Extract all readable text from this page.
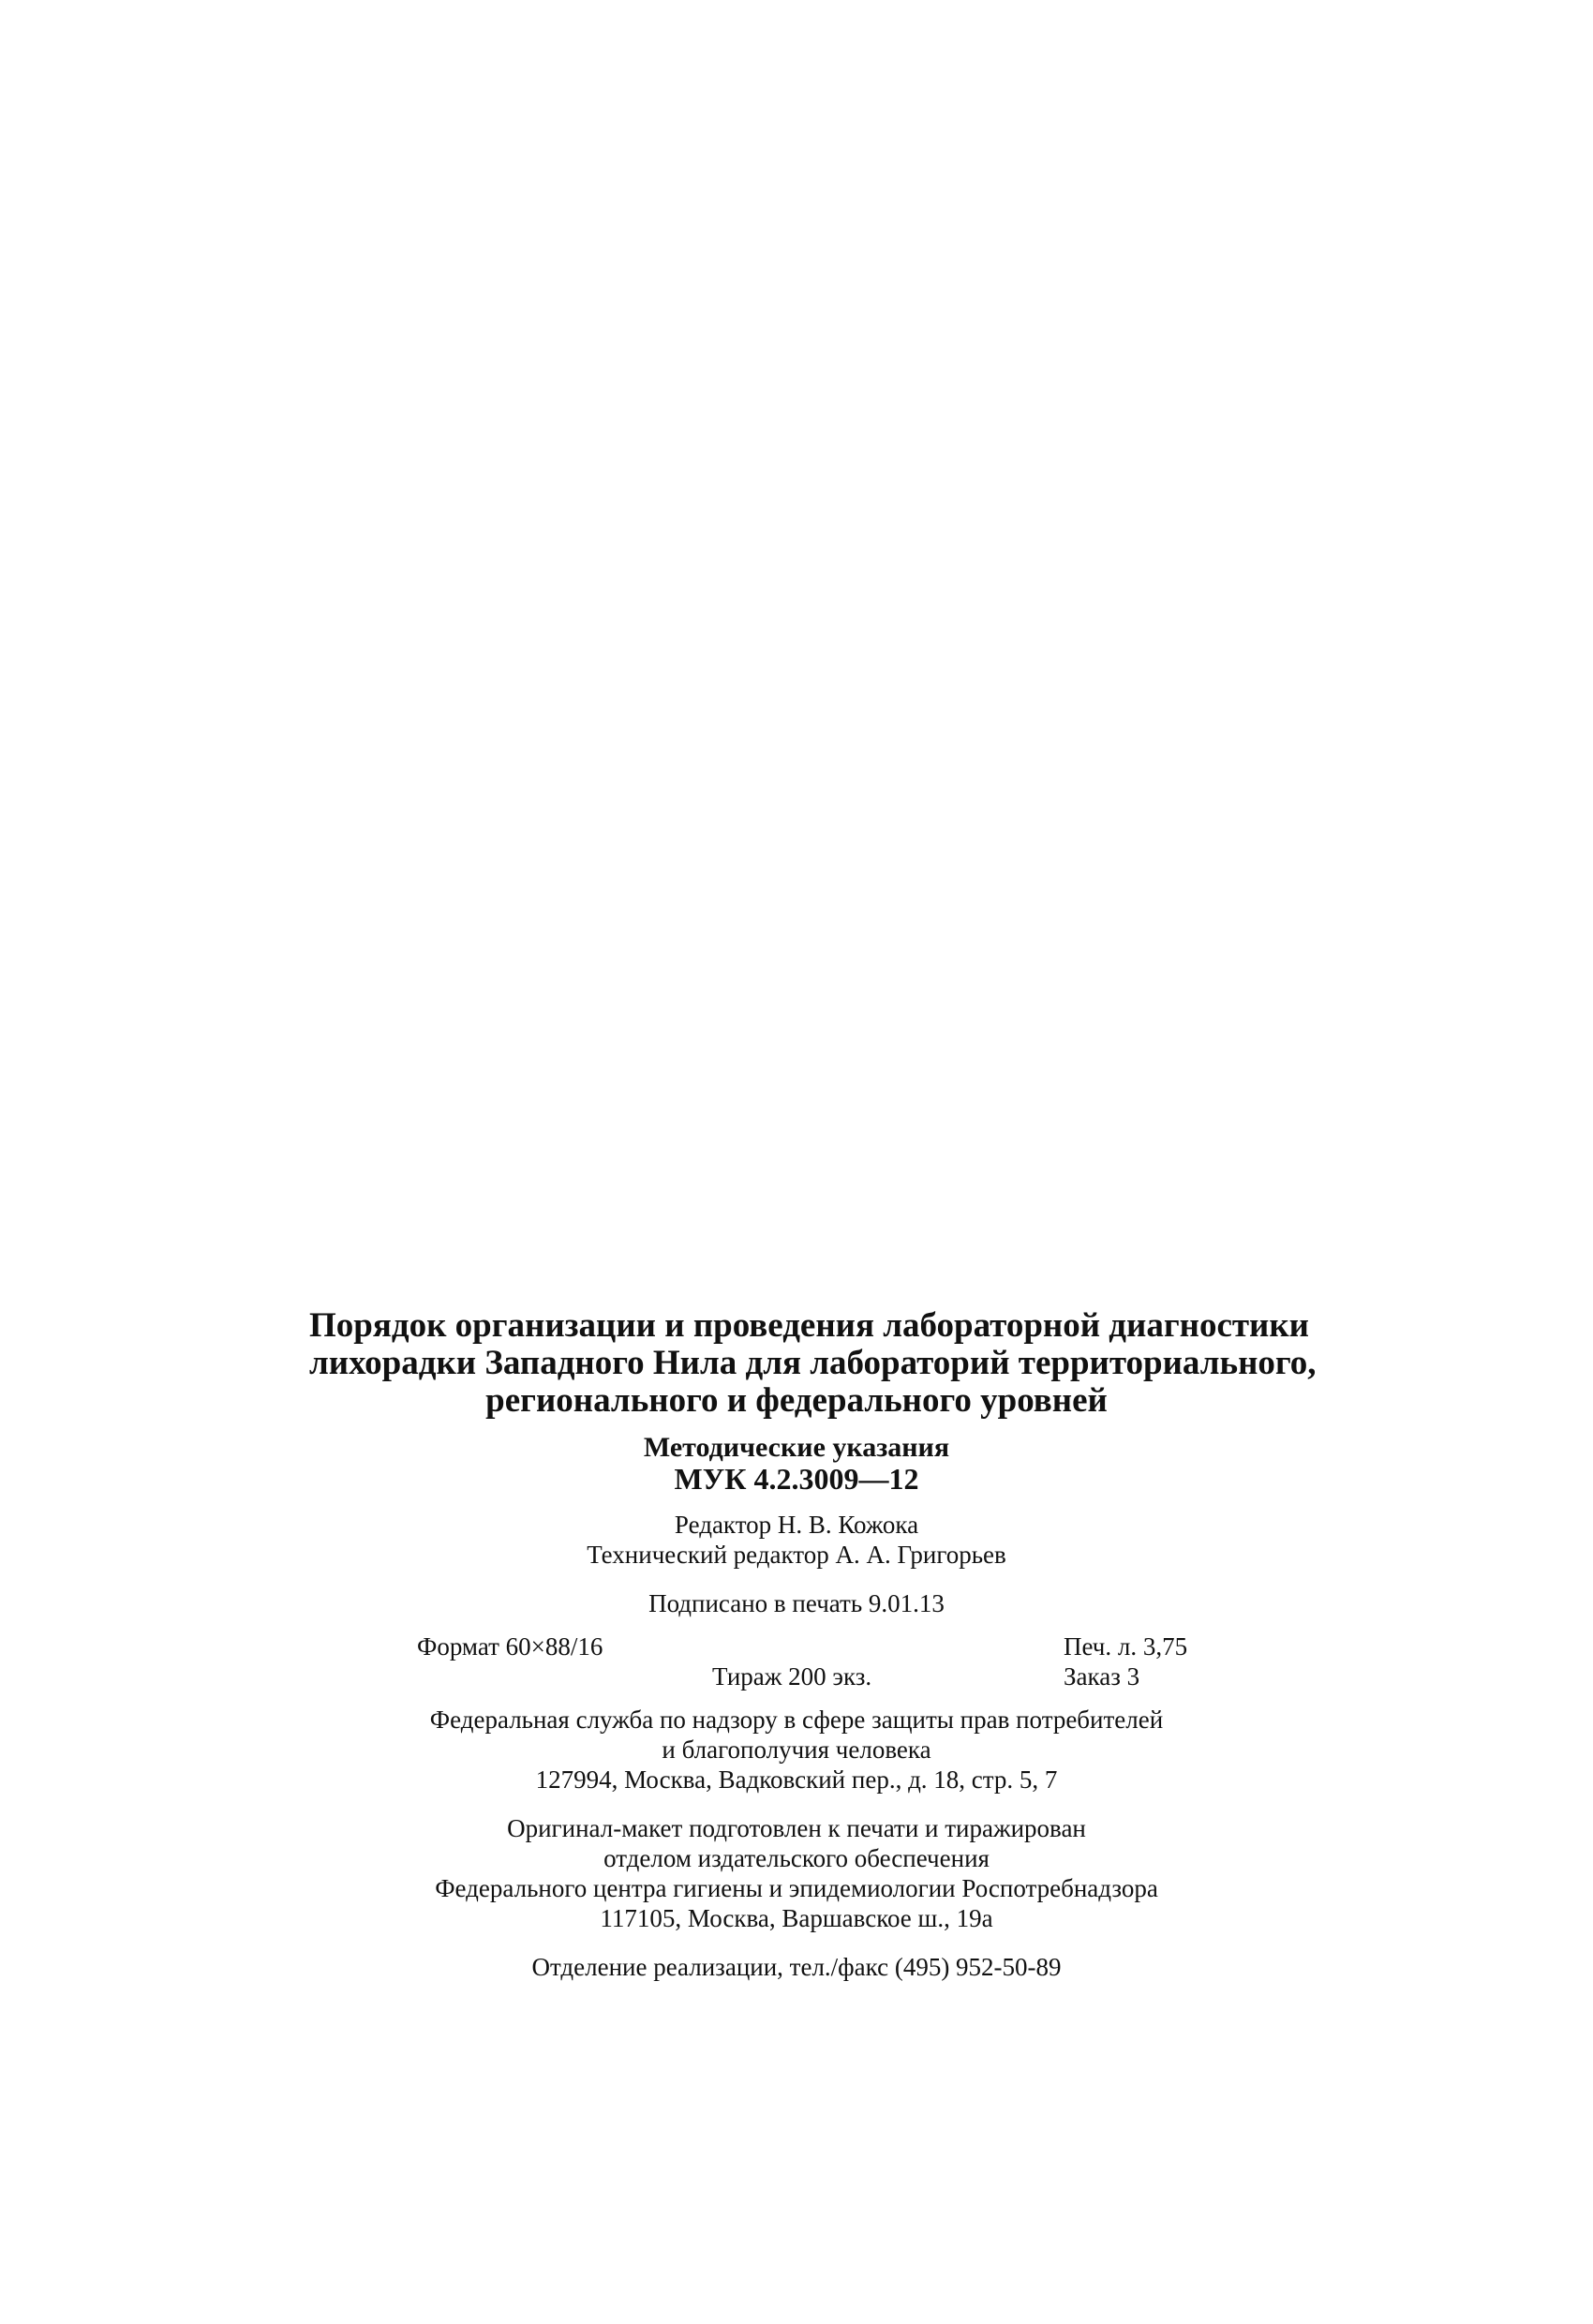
Порядок организации и проведения лабораторной диагностики
лихорадки Западного Нила для лабораторий территориального,
регионального и федерального уровней
Методические указания
МУК 4.2.3009—12
Редактор Н. В. Кожока
Технический редактор А. А. Григорьев
Подписано в печать 9.01.13
Формат 60×88/16	Печ. л. 3,75
Тираж 200 экз.	Заказ 3
Федеральная служба по надзору в сфере защиты прав потребителей
и благополучия человека
127994, Москва, Вадковский пер., д. 18, стр. 5, 7
Оригинал-макет подготовлен к печати и тиражирован
отделом издательского обеспечения
Федерального центра гигиены и эпидемиологии Роспотребнадзора
117105, Москва, Варшавское ш., 19а
Отделение реализации, тел./факс (495) 952-50-89
